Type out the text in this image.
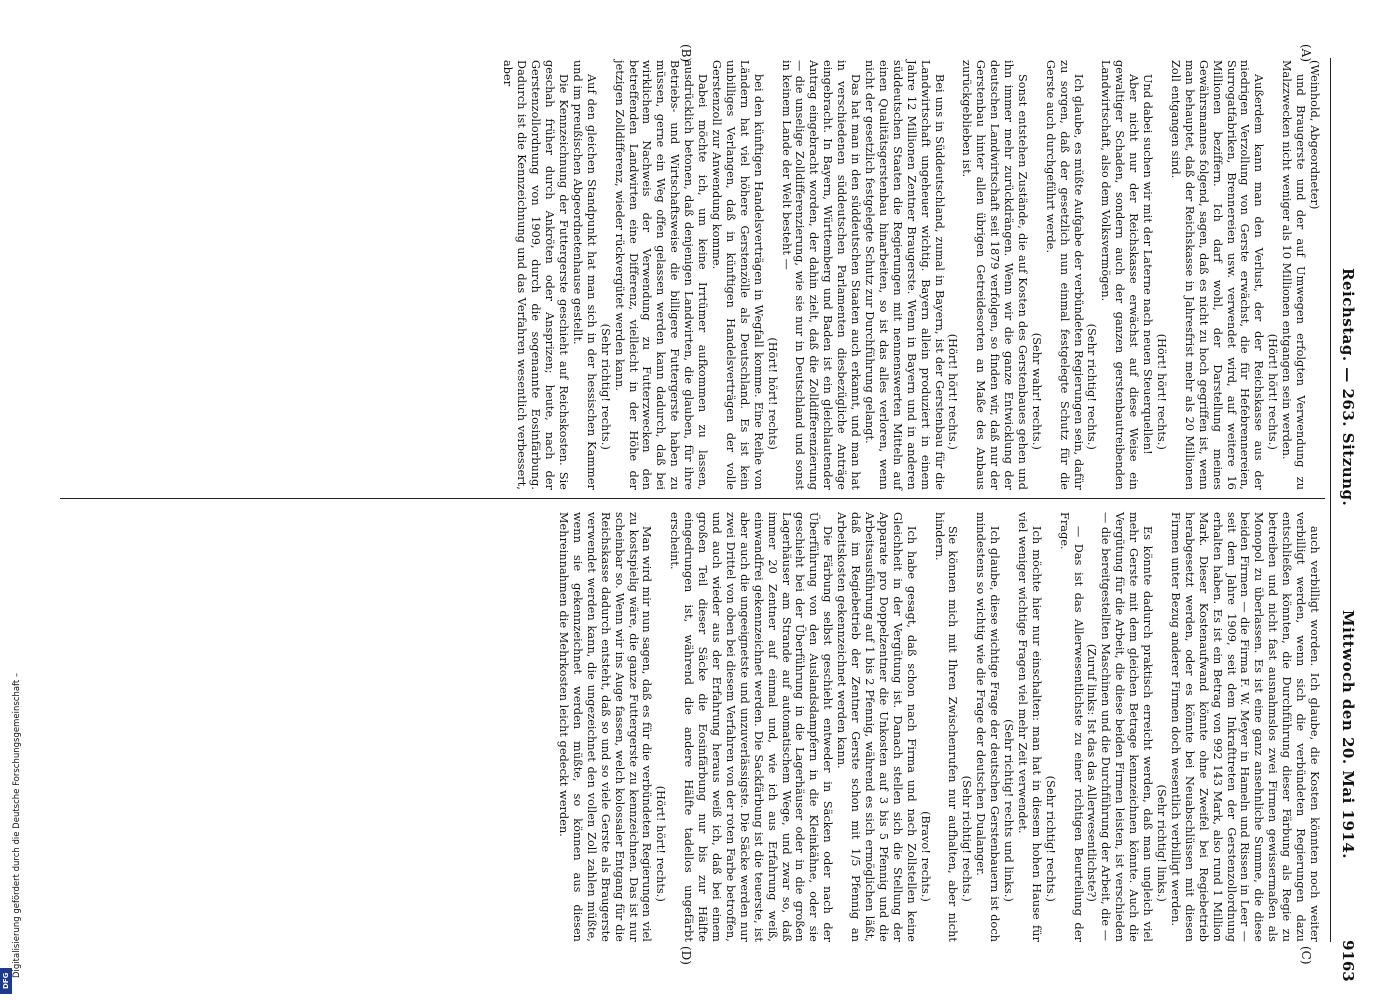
Reichstag. — 263. Sitzung.
Mittwoch den 20. Mai 1914.
9163
(A)
(B)
(C)
(D)

(Weinhold, Abgeordneter)

und Braugerste und der auf Umwegen erfolgten Verwendung zu Malzzwecken nicht weniger als 10 Millionen entgangen sein werden.

(Hört! hört! rechts.)

Außerdem kann man den Verlust, der der Reichskasse aus der niedrigen Verzollung von Gerste erwächst, die für Hefebrennereien, Surrogatfabriken, Brennereien usw. verwendet wird, auf weitere 16 Millionen beziffern. Ich darf wohl, der Darstellung meines Gewährsmannes folgend, sagen, daß es nicht zu hoch gegriffen ist, wenn man behauptet, daß der Reichskasse in Jahresfrist mehr als 20 Millionen Zoll entgangen sind.

(Hört! hört! rechts.)

Und dabei suchen wir mit der Laterne nach neuen Steuerquellen!

Aber nicht nur der Reichskasse erwächst auf diese Weise ein gewaltiger Schaden, sondern auch der ganzen gerstenbautreibenden Landwirtschaft, also dem Volksvermögen.

(Sehr richtig! rechts.)

Ich glaube, es müßte Aufgabe der verbündeten Regierungen sein, dafür zu sorgen, daß der gesetzlich nun einmal festgelegte Schutz für die Gerste auch durchgeführt werde.

(Sehr wahr! rechts.)

Sonst entstehen Zustände, die auf Kosten des Gerstenbaues gehen und ihn immer mehr zurückdrängen. Wenn wir die ganze Entwicklung der deutschen Landwirtschaft seit 1879 verfolgen, so finden wir, daß nur der Gerstenbau hinter allen übrigen Getreidesorten an Maße des Anbaus zurückgeblieben ist.

(Hört! hört! rechts.)

Bei uns in Süddeutschland, zumal in Bayern, ist der Gerstenbau für die Landwirtschaft ungeheuer wichtig. Bayern allein produziert in einem Jahre 12 Millionen Zentner Braugerste. Wenn in Bayern und in anderen süddeutschen Staaten die Regierungen mit nennenswerten Mitteln auf einen Qualitätsgerstenbau hinarbeiten, so ist das alles verloren, wenn nicht der gesetzlich festgelegte Schutz zur Durchführung gelangt.

Das hat man in den süddeutschen Staaten auch erkannt, und man hat in verschiedenen süddeutschen Parlamenten diesbezügliche Anträge eingebracht. In Bayern, Württemberg und Baden ist ein gleichlautender Antrag eingebracht worden, der dahin zielt, daß die Zolldifferenzierung — die unselige Zolldifferenzierung, wie sie nur in Deutschland und sonst in keinem Lande der Welt besteht —

(Hört! hört! rechts)

bei den künftigen Handelsverträgen in Wegfall komme. Eine Reihe von Ländern hat viel höhere Gerstenzölle als Deutschland. Es ist kein unbilliges Verlangen, daß in künftigen Handelsverträgen der volle Gerstenzoll zur Anwendung komme.

Dabei möchte ich, um keine Irrtümer aufkommen zu lassen, ausdrücklich betonen, daß denjenigen Landwirten, die glauben, für ihre Betriebs- und Wirtschaftsweise die billigere Futtergerste haben zu müssen, gerne ein Weg offen gelassen werden kann dadurch, daß bei wirklichem Nachweis der Verwendung zu Futterzwecken den betreffenden Landwirten eine Differenz, vielleicht in der Höhe der jetzigen Zolldifferenz, wieder rückvergütet werden kann.

(Sehr richtig! rechts.)

Auf den gleichen Standpunkt hat man sich in der hessischen Kammer und im preußischen Abgeordnetenhause gestellt.

Die Kennzeichnung der Futtergerste geschieht auf Reichskosten. Sie geschah früher durch Ankröten oder Ansprizen; heute, nach der Gerstenzollordnung von 1909, durch die sogenannte Eosinfärbung. Dadurch ist die Kennzeichnung und das Verfahren wesentlich verbessert, aber

auch verbilligt worden. Ich glaube, die Kosten könnten noch weiter verbilligt werden, wenn sich die verbündeten Regierungen dazu entschließen könnten, die Durchführung dieser Färbung als Regie zu betreiben und nicht fast ausnahmslos zwei Firmen gewissermaßen als Monopol zu überlassen. Es ist eine ganz ansehnliche Summe, die diese beiden Firmen — die Firma F. W. Meyer in Hameln und Rissen in Leer — seit dem Jahre 1909, seit dem Inkrafttreten der Gerstenzollordnung erhalten haben. Es ist ein Betrag von 992 143 Mark, also rund 1 Million Mark. Dieser Kostenaufwand könnte ohne Zweifel bei Regiebetrieb herabgesetzt werden, oder es könnte bei Neuabschlüssen mit diesen Firmen unter Bezug anderer Firmen doch wesentlich verbilligt werden.

(Sehr richtig! links.)

Es könnte dadurch praktisch erreicht werden, daß man ungleich viel mehr Gerste mit dem gleichen Betrage kennzeichnen könnte. Auch die Vergütung für die Arbeit, die diese beiden Firmen leisten, ist verschieden — die bereitgestellten Maschinen und die Durchführung der Arbeit, die —

(Zuruf links: Ist das das Allerwesentlichste?)

— Das ist das Allerwesentlichste zu einer richtigen Beurteilung der Frage.

(Sehr richtig! rechts.)

Ich möchte hier nur einschalten: man hat in diesem hohen Hause für viel weniger wichtige Fragen viel mehr Zeit verwendet.

(Sehr richtig! rechts und links.)

Ich glaube, diese wichtige Frage der deutschen Gerstenbauern ist doch mindestens so wichtig wie die Frage der deutschen Dualanger.

(Sehr richtig! rechts.)

Sie können mich mit Ihren Zwischenrufen nur aufhalten, aber nicht hindern.

(Bravo! rechts.)

Ich habe gesagt, daß schon nach Firma und nach Zollstellen keine Gleichheit in der Vergütung ist. Danach stellen sich die Stellung der Apparate pro Doppelzentner die Unkosten auf 3 bis 5 Pfennig und die Arbeitsausführung auf 1 bis 2 Pfennig, während es sich ermöglichen läßt, daß im Regiebetrieb der Zentner Gerste schon mit 1/5 Pfennig an Arbeitskosten gekennzeichnet werden kann.

Die Färbung selbst geschieht entweder in Säcken oder nach der Überführung von den Auslandsdampfern in die Kleinkähne, oder sie geschieht bei der Überführung in die Lagerhäuser oder in die großen Lagerhäuser am Strande auf automatischem Wege, und zwar so, daß immer 20 Zentner auf einmal und, wie ich aus Erfahrung weiß, einwandfrei gekennzeichnet werden. Die Sackfärbung ist die teuerste, ist aber auch die ungeeignetste und unzuverlässigste. Die Säcke werden nur zwei Drittel von oben bei diesem Verfahren von der roten Farbe betroffen, und auch wieder aus der Erfahrung heraus weiß ich, daß bei einem großen Teil dieser Säcke die Eosinfärbung nur bis zur Hälfte eingedrungen ist, während die andere Hälfte tadellos ungefärbt erscheint.

(Hört! hört! rechts.)

Man wird mir nun sagen, daß es für die verbündeten Regierungen viel zu kostspielig wäre, die ganze Futtergerste zu kennzeichnen. Das ist nur scheinbar so. Wenn wir ins Auge fassen, welch kolossaler Entgang für die Reichskasse dadurch entsteht, daß so und so viele Gerste als Braugerste verwendet werden kann, die ungezeichnet den vollen Zoll zahlen müßte, wenn sie gekennzeichnet werden müßte, so können aus diesen Mehreinnahmen die Mehrkosten leicht gedeckt werden.

Digitalisierung gefördert durch die Deutsche Forschungsgemeinschaft –
DFG
